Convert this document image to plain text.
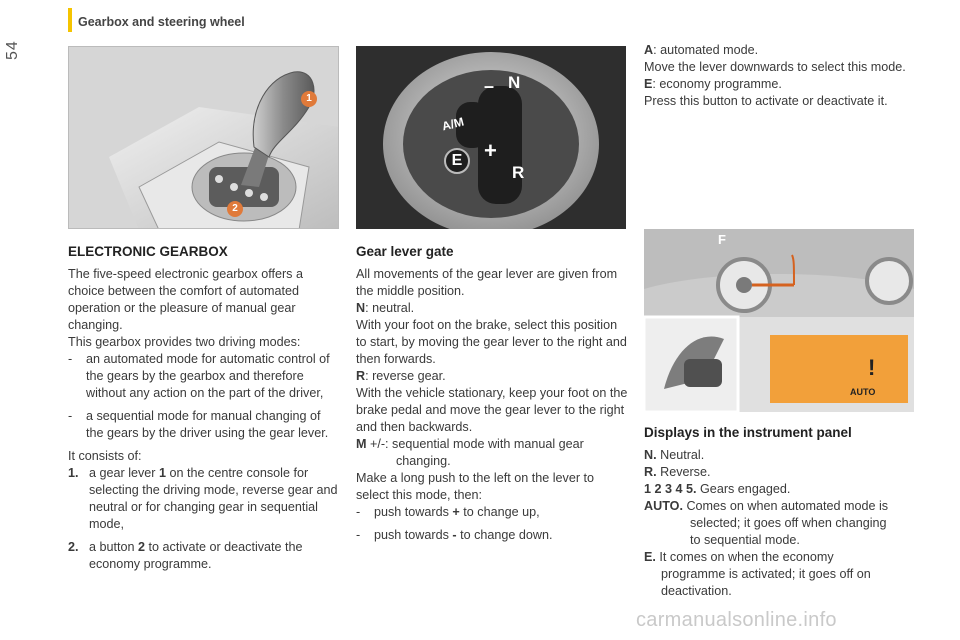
54
Gearbox and steering wheel
1
2
N
–
A/M
E +
R
F
!
AUTO

ELECTRONIC GEARBOX

The five-speed electronic gearbox offers a choice between the comfort of automated operation or the pleasure of manual gear changing.

This gearbox provides two driving modes:

- an automated mode for automatic control of the gears by the gearbox and therefore without any action on the part of the driver,

- a sequential mode for manual changing of the gears by the driver using the gear lever.

It consists of:

1. a gear lever 1 on the centre console for selecting the driving mode, reverse gear and neutral or for changing gear in sequential mode,

2. a button 2 to activate or deactivate the economy programme.

Gear lever gate

All movements of the gear lever are given from the middle position.

N: neutral.

With your foot on the brake, select this position to start, by moving the gear lever to the right and then forwards.

R: reverse gear.

With the vehicle stationary, keep your foot on the brake pedal and move the gear lever to the right and then backwards.

M +/-: sequential mode with manual gear

changing.

Make a long push to the left on the lever to select this mode, then:

- push towards + to change up,

- push towards - to change down.

A: automated mode.

Move the lever downwards to select this mode.

E: economy programme.

Press this button to activate or deactivate it.

Displays in the instrument panel

N. Neutral.

R. Reverse.

1 2 3 4 5. Gears engaged.

AUTO. Comes on when automated mode is

selected; it goes off when changing

to sequential mode.

E. It comes on when the economy

programme is activated; it goes off on

deactivation.

carmanualsonline.info
